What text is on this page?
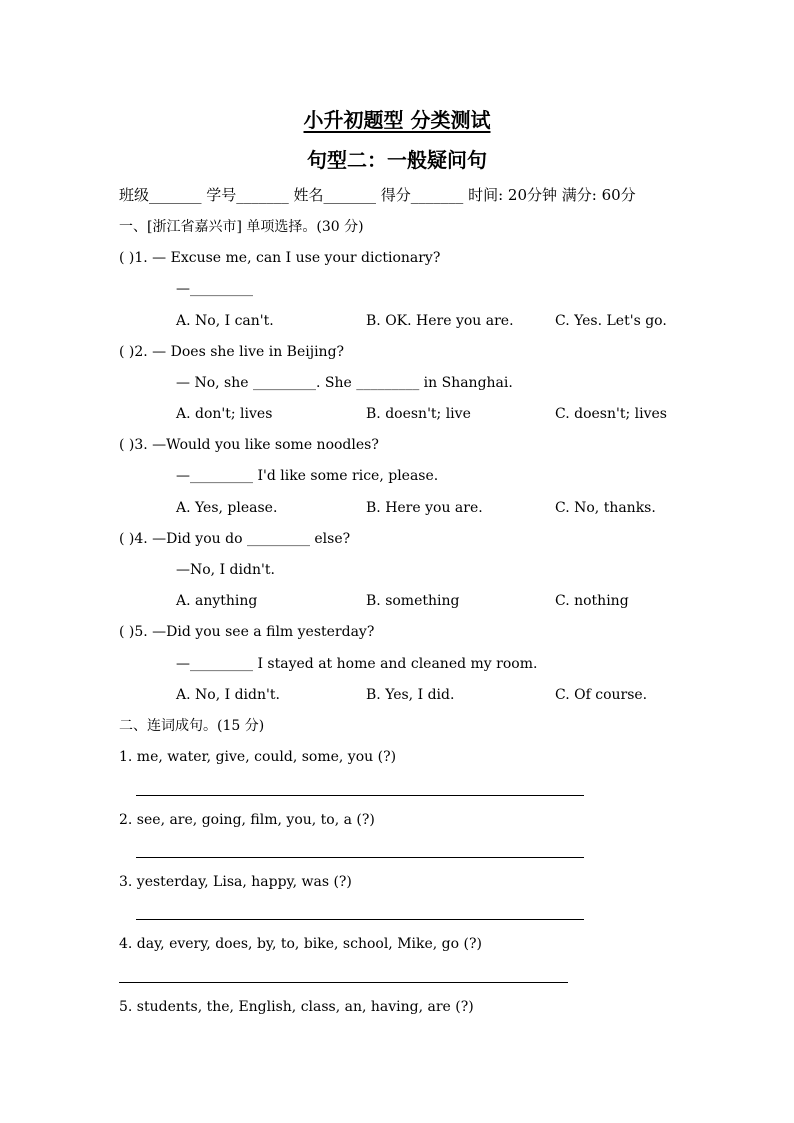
小升初题型 分类测试
句型二：一般疑问句
班级_______ 学号_______ 姓名_______ 得分_______ 时间: 20分钟 满分: 60分
一、[浙江省嘉兴市] 单项选择。(30 分)
( )1. — Excuse me, can I use your dictionary?
—_________
A. No, I can't.	B. OK. Here you are.	C. Yes. Let's go.
( )2. — Does she live in Beijing?
— No, she _________. She _________ in Shanghai.
A. don't; lives	B. doesn't; live	C. doesn't; lives
( )3. —Would you like some noodles?
—_________ I'd like some rice, please.
A. Yes, please.	B. Here you are.	C. No, thanks.
( )4. —Did you do _________ else?
—No, I didn't.
A. anything	B. something	C. nothing
( )5. —Did you see a film yesterday?
—_________ I stayed at home and cleaned my room.
A. No, I didn't.	B. Yes, I did.	C. Of course.
二、连词成句。(15 分)
1. me, water, give, could, some, you (?)
2. see, are, going, film, you, to, a (?)
3. yesterday, Lisa, happy, was (?)
4. day, every, does, by, to, bike, school, Mike, go (?)
5. students, the, English, class, an, having, are (?)
